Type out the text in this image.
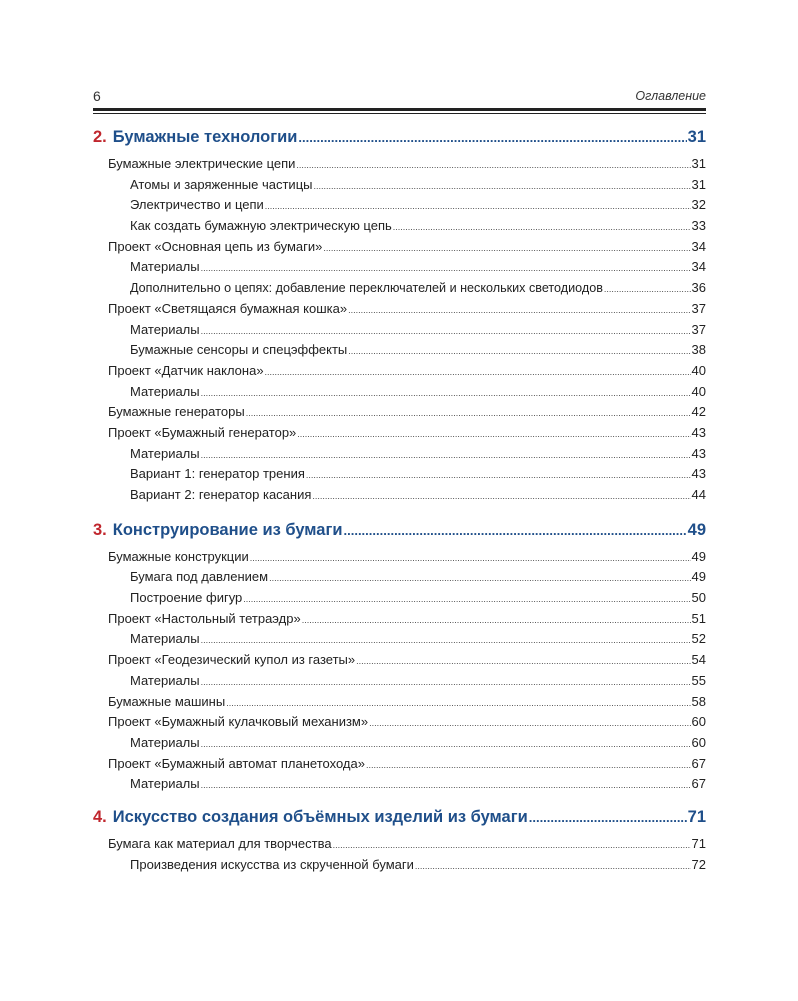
6	Оглавление
2. Бумажные технологии .....	31
Бумажные электрические цепи .....	31
Атомы и заряженные частицы .....	31
Электричество и цепи .....	32
Как создать бумажную электрическую цепь .....	33
Проект «Основная цепь из бумаги» .....	34
Материалы .....	34
Дополнительно о цепях: добавление переключателей и нескольких светодиодов .....	36
Проект «Светящаяся бумажная кошка» .....	37
Материалы .....	37
Бумажные сенсоры и спецэффекты .....	38
Проект «Датчик наклона» .....	40
Материалы .....	40
Бумажные генераторы .....	42
Проект «Бумажный генератор» .....	43
Материалы .....	43
Вариант 1: генератор трения .....	43
Вариант 2: генератор касания .....	44
3. Конструирование из бумаги .....	49
Бумажные конструкции .....	49
Бумага под давлением .....	49
Построение фигур .....	50
Проект «Настольный тетраэдр» .....	51
Материалы .....	52
Проект «Геодезический купол из газеты» .....	54
Материалы .....	55
Бумажные машины .....	58
Проект «Бумажный кулачковый механизм» .....	60
Материалы .....	60
Проект «Бумажный автомат планетохода» .....	67
Материалы .....	67
4. Искусство создания объёмных изделий из бумаги .....	71
Бумага как материал для творчества .....	71
Произведения искусства из скрученной бумаги .....	72
